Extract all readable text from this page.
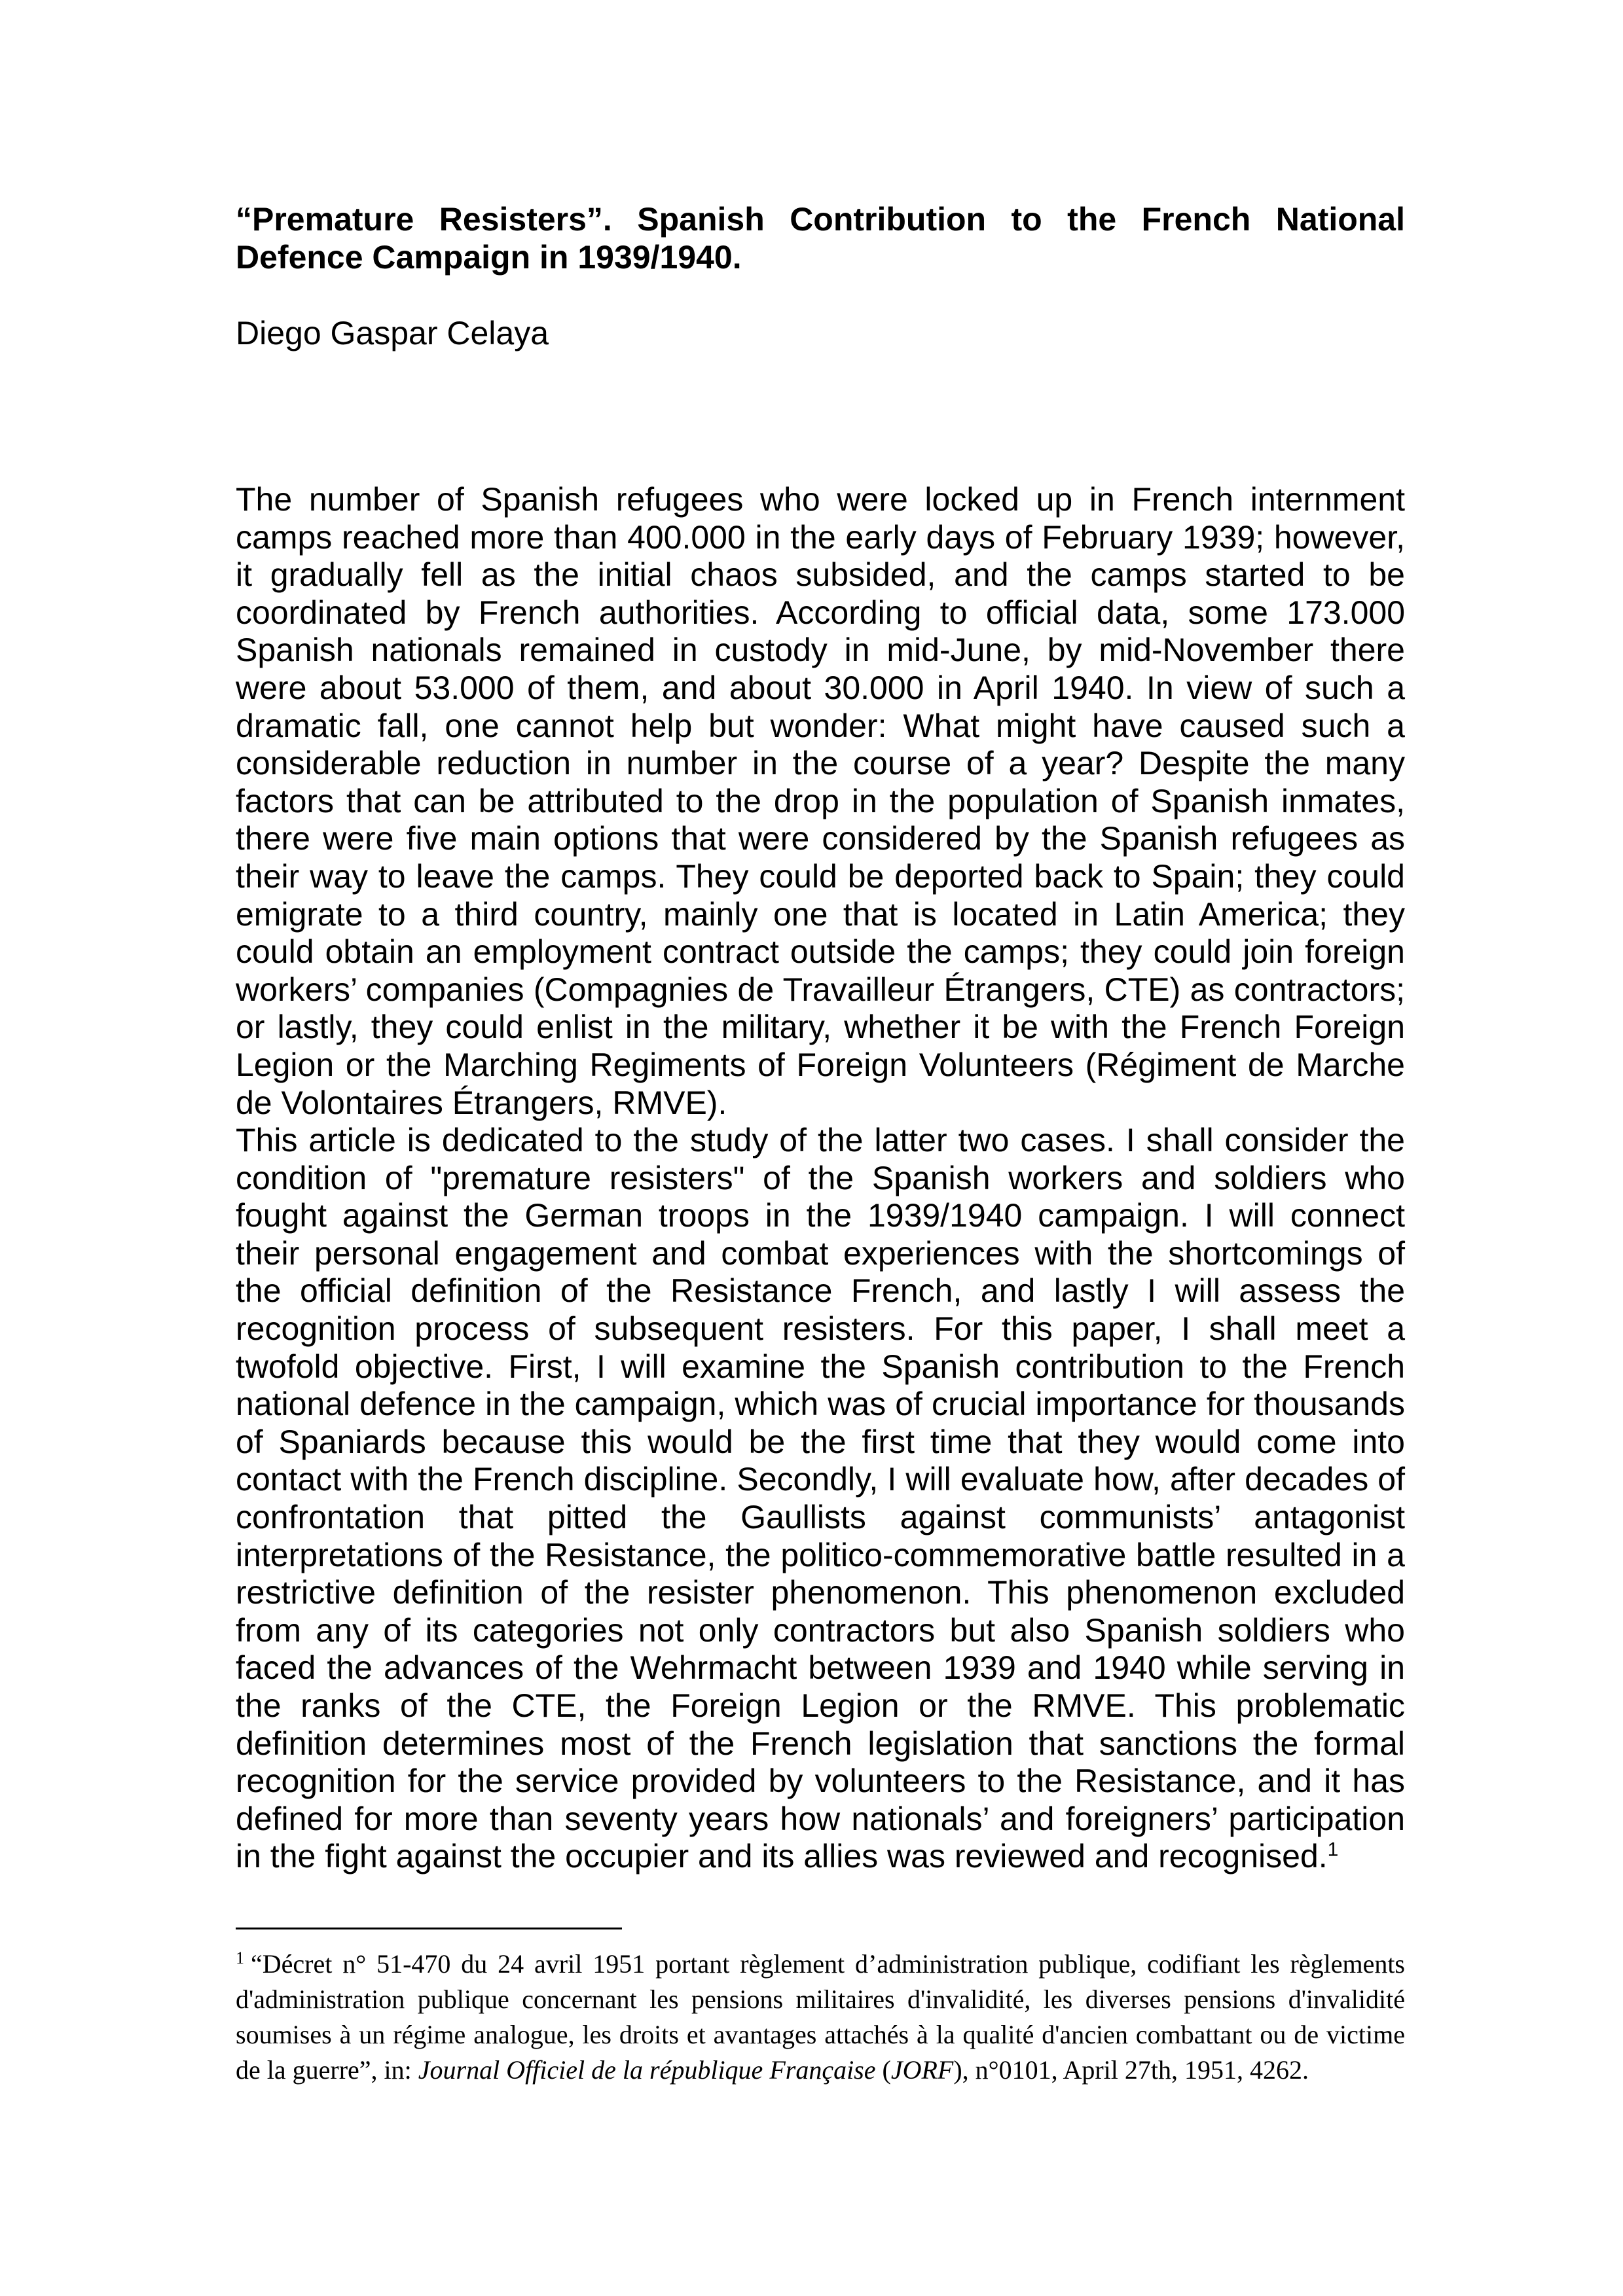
“Premature Resisters”. Spanish Contribution to the French National Defence Campaign in 1939/1940.

Diego Gaspar Celaya

The number of Spanish refugees who were locked up in French internment camps reached more than 400.000 in the early days of February 1939; however, it gradually fell as the initial chaos subsided, and the camps started to be coordinated by French authorities. According to official data, some 173.000 Spanish nationals remained in custody in mid-June, by mid-November there were about 53.000 of them, and about 30.000 in April 1940. In view of such a dramatic fall, one cannot help but wonder: What might have caused such a considerable reduction in number in the course of a year? Despite the many factors that can be attributed to the drop in the population of Spanish inmates, there were five main options that were considered by the Spanish refugees as their way to leave the camps. They could be deported back to Spain; they could emigrate to a third country, mainly one that is located in Latin America; they could obtain an employment contract outside the camps; they could join foreign workers’ companies (Compagnies de Travailleur Étrangers, CTE) as contractors; or lastly, they could enlist in the military, whether it be with the French Foreign Legion or the Marching Regiments of Foreign Volunteers (Régiment de Marche de Volontaires Étrangers, RMVE).

This article is dedicated to the study of the latter two cases. I shall consider the condition of "premature resisters" of the Spanish workers and soldiers who fought against the German troops in the 1939/1940 campaign. I will connect their personal engagement and combat experiences with the shortcomings of the official definition of the Resistance French, and lastly I will assess the recognition process of subsequent resisters. For this paper, I shall meet a twofold objective. First, I will examine the Spanish contribution to the French national defence in the campaign, which was of crucial importance for thousands of Spaniards because this would be the first time that they would come into contact with the French discipline. Secondly, I will evaluate how, after decades of confrontation that pitted the Gaullists against communists’ antagonist interpretations of the Resistance, the politico-commemorative battle resulted in a restrictive definition of the resister phenomenon. This phenomenon excluded from any of its categories not only contractors but also Spanish soldiers who faced the advances of the Wehrmacht between 1939 and 1940 while serving in the ranks of the CTE, the Foreign Legion or the RMVE. This problematic definition determines most of the French legislation that sanctions the formal recognition for the service provided by volunteers to the Resistance, and it has defined for more than seventy years how nationals’ and foreigners’ participation in the fight against the occupier and its allies was reviewed and recognised.$^1$

$^1$ “Décret n° 51-470 du 24 avril 1951 portant règlement d’administration publique, codifiant les règlements d'administration publique concernant les pensions militaires d'invalidité, les diverses pensions d'invalidité soumises à un régime analogue, les droits et avantages attachés à la qualité d'ancien combattant ou de victime de la guerre”, in: Journal Officiel de la république Française (JORF), n°0101, April 27th, 1951, 4262.
